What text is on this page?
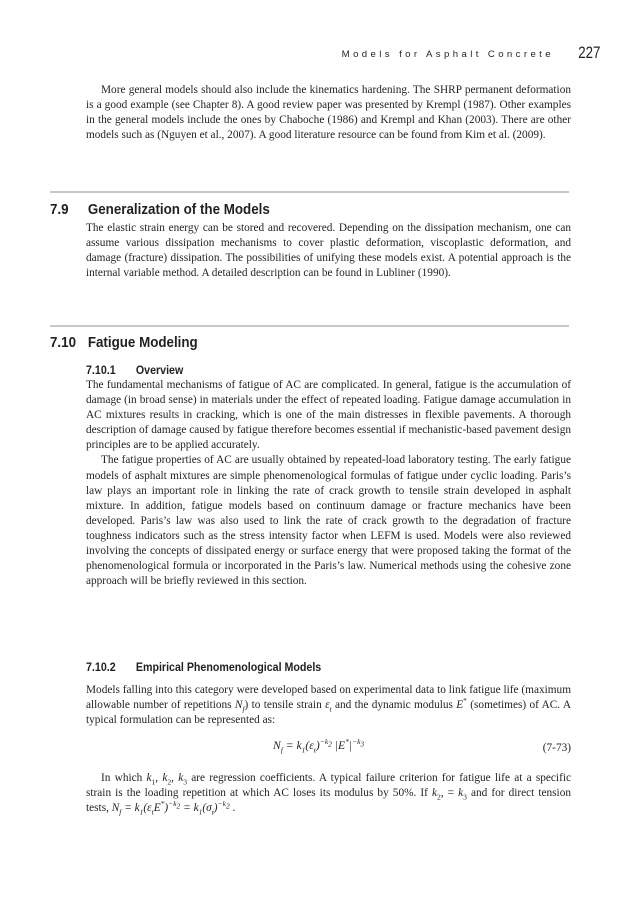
Models for Asphalt Concrete 227

More general models should also include the kinematics hardening. The SHRP permanent deformation is a good example (see Chapter 8). A good review paper was presented by Krempl (1987). Other examples in the general models include the ones by Chaboche (1986) and Krempl and Khan (2003). There are other models such as (Nguyen et al., 2007). A good literature resource can be found from Kim et al. (2009).

7.9 Generalization of the Models

The elastic strain energy can be stored and recovered. Depending on the dissipation mechanism, one can assume various dissipation mechanisms to cover plastic deformation, viscoplastic deformation, and damage (fracture) dissipation. The possibilities of unifying these models exist. A potential approach is the internal variable method. A detailed description can be found in Lubliner (1990).

7.10 Fatigue Modeling
7.10.1 Overview

The fundamental mechanisms of fatigue of AC are complicated. In general, fatigue is the accumulation of damage (in broad sense) in materials under the effect of repeated loading. Fatigue damage accumulation in AC mixtures results in cracking, which is one of the main distresses in flexible pavements. A thorough description of damage caused by fatigue therefore becomes essential if mechanistic-based pavement design principles are to be applied accurately.

The fatigue properties of AC are usually obtained by repeated-load laboratory testing. The early fatigue models of asphalt mixtures are simple phenomenological formulas of fatigue under cyclic loading. Paris’s law plays an important role in linking the rate of crack growth to tensile strain developed in asphalt mixture. In addition, fatigue models based on continuum damage or fracture mechanics have been developed. Paris’s law was also used to link the rate of crack growth to the degradation of fracture toughness indicators such as the stress intensity factor when LEFM is used. Models were also reviewed involving the concepts of dissipated energy or surface energy that were proposed taking the format of the phenomenological formula or incorporated in the Paris’s law. Numerical methods using the cohesive zone approach will be briefly reviewed in this section.

7.10.2 Empirical Phenomenological Models

Models falling into this category were developed based on experimental data to link fatigue life (maximum allowable number of repetitions $N_f$) to tensile strain $\varepsilon_t$ and the dynamic modulus E* (sometimes) of AC. A typical formulation can be represented as:

$N_f = k_1(\varepsilon_t)^{-k_2}$ $|E^*|^{-k_3}$	(7-73)

In which $k_1$, $k_2$, $k_3$ are regression coefficients. A typical failure criterion for fatigue life at a specific strain is the loading repetition at which AC loses its modulus by 50%. If $k_2$, = $k_3$ and for direct tension tests, $N_f = k_1(\varepsilon_tE^*)^{-k_2} = k_1(\sigma_t)^{-k_2}$ .
